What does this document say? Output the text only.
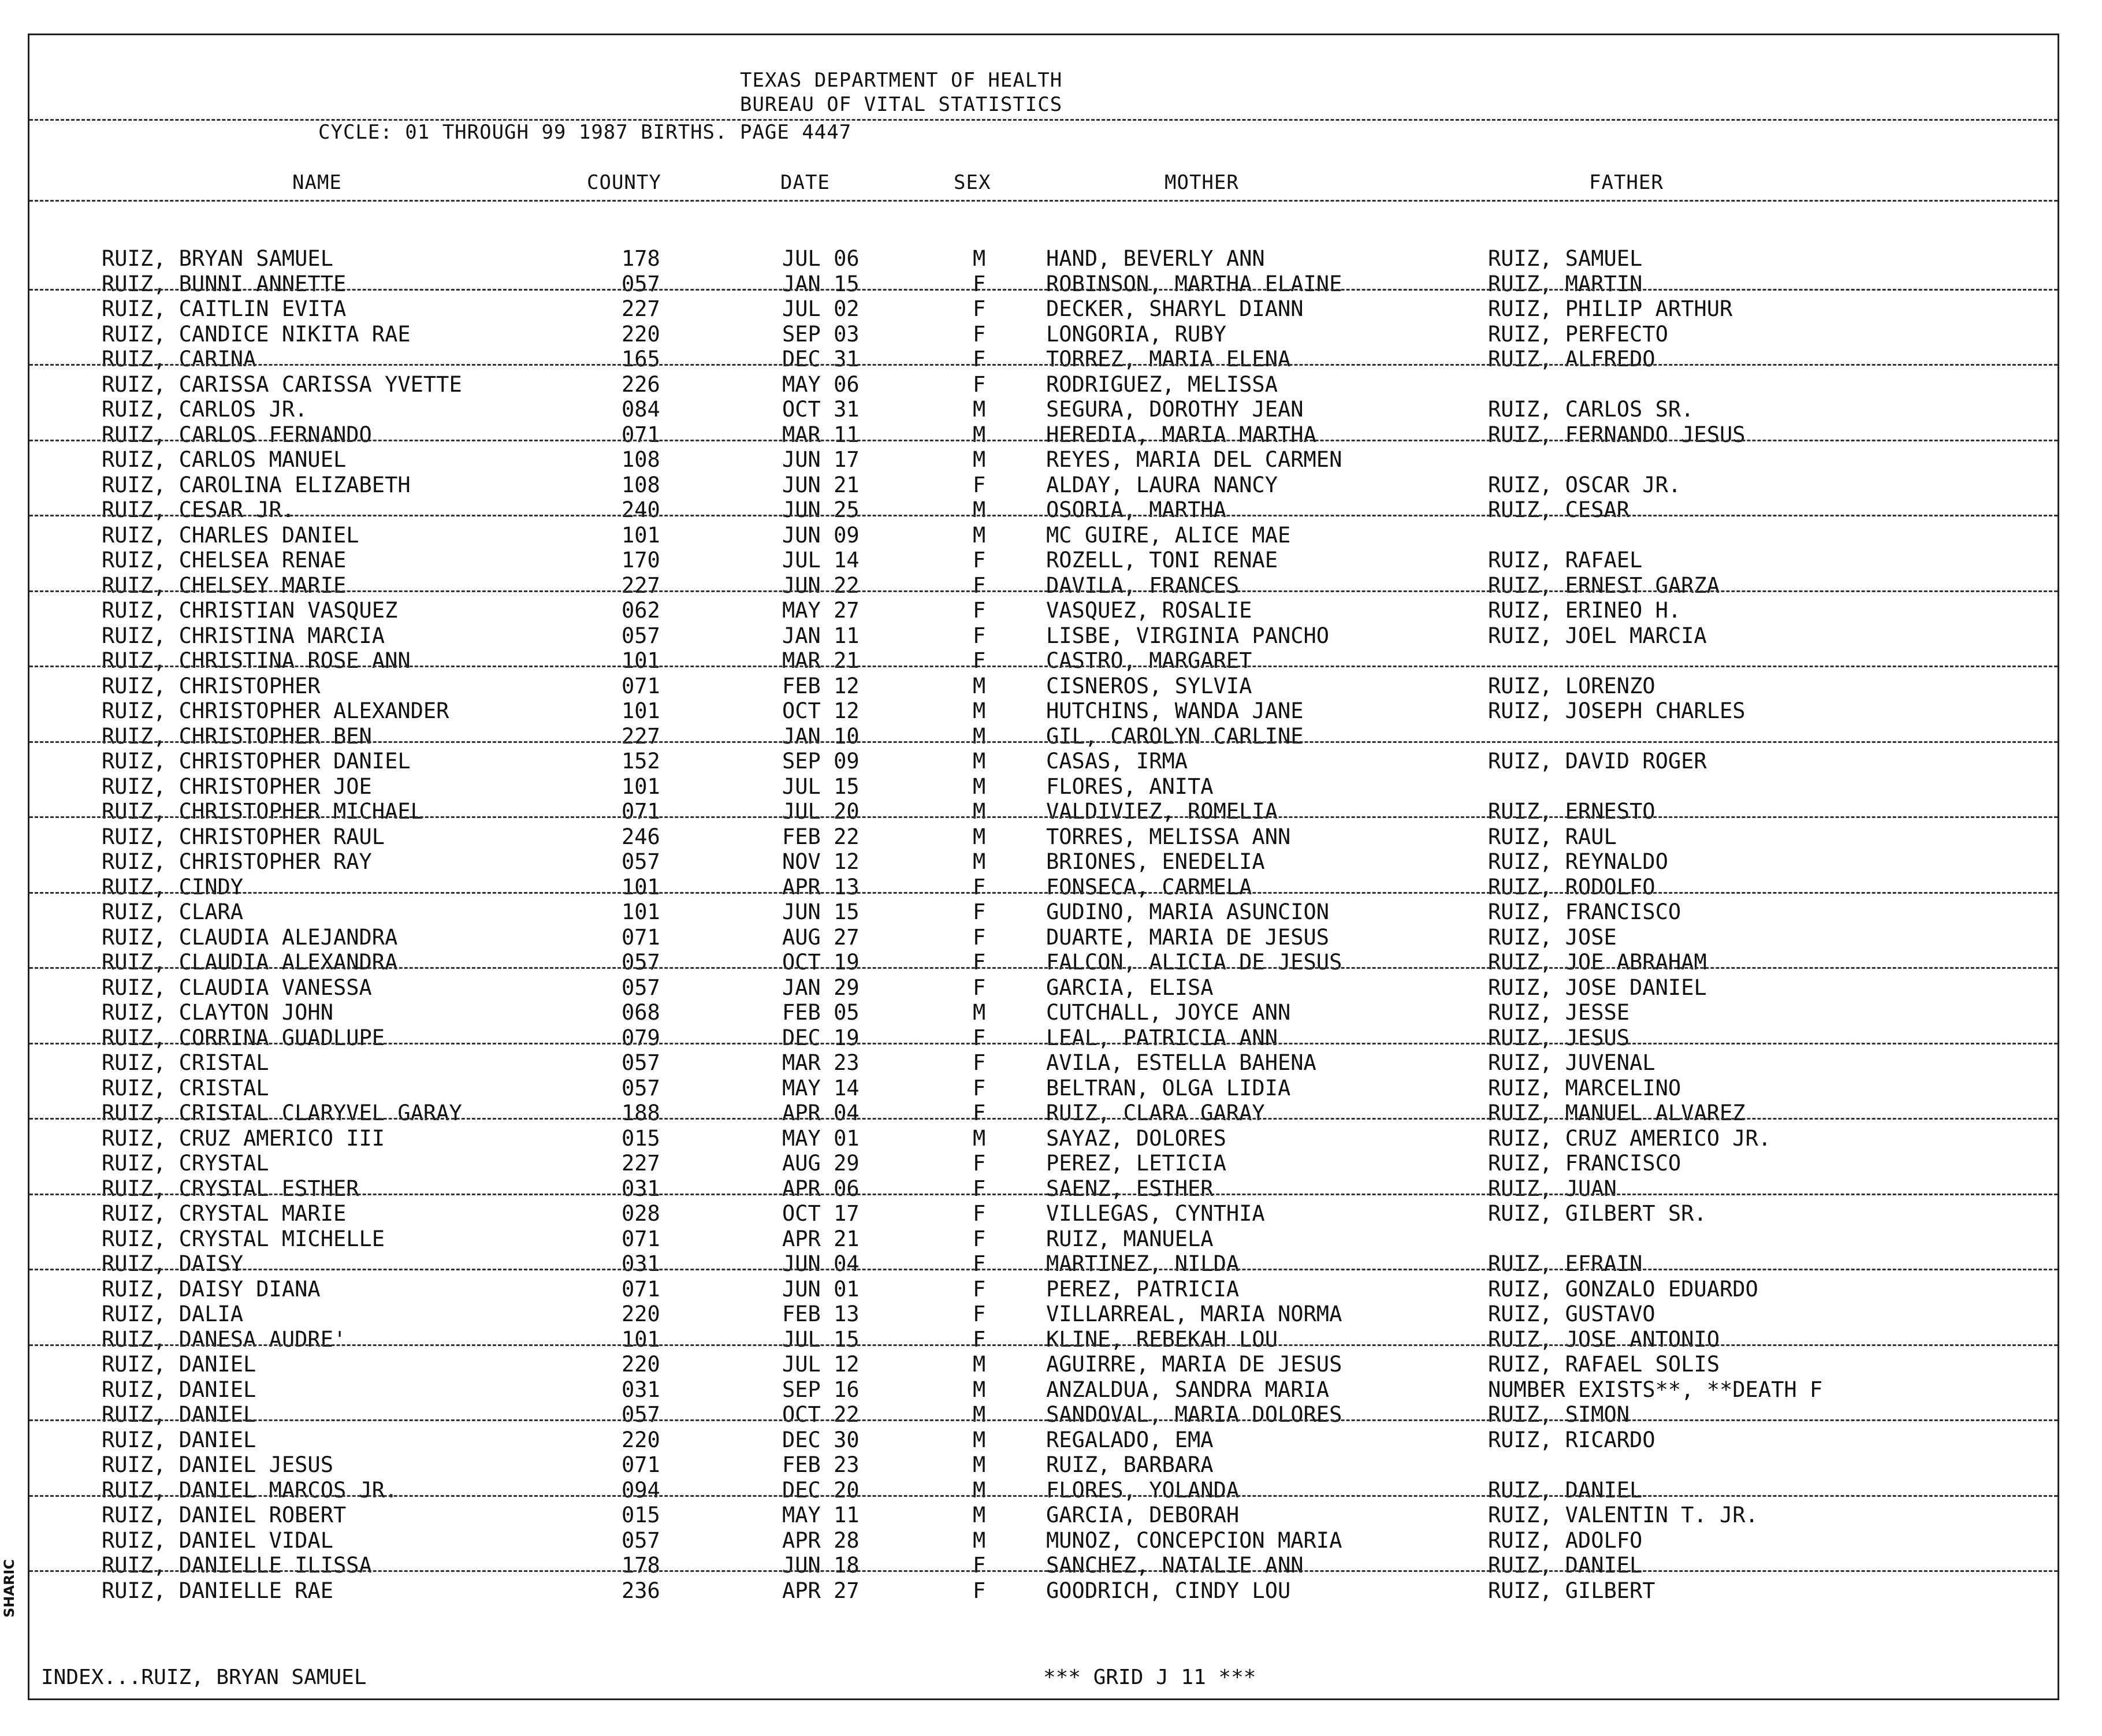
SHARIC
TEXAS DEPARTMENT OF HEALTH
BUREAU OF VITAL STATISTICS
CYCLE: 01 THROUGH 99 1987 BIRTHS. PAGE 4447
NAME	COUNTY	DATE	SEX	MOTHER	FATHER
RUIZ, BRYAN SAMUEL	178	JUL 06	M	HAND, BEVERLY ANN	RUIZ, SAMUEL
RUIZ, BUNNI ANNETTE	057	JAN 15	F	ROBINSON, MARTHA ELAINE	RUIZ, MARTIN
RUIZ, CAITLIN EVITA	227	JUL 02	F	DECKER, SHARYL DIANN	RUIZ, PHILIP ARTHUR
RUIZ, CANDICE NIKITA RAE	220	SEP 03	F	LONGORIA, RUBY	RUIZ, PERFECTO
RUIZ, CARINA	165	DEC 31	F	TORREZ, MARIA ELENA	RUIZ, ALFREDO
RUIZ, CARISSA CARISSA YVETTE	226	MAY 06	F	RODRIGUEZ, MELISSA
RUIZ, CARLOS JR.	084	OCT 31	M	SEGURA, DOROTHY JEAN	RUIZ, CARLOS SR.
RUIZ, CARLOS FERNANDO	071	MAR 11	M	HEREDIA, MARIA MARTHA	RUIZ, FERNANDO JESUS
RUIZ, CARLOS MANUEL	108	JUN 17	M	REYES, MARIA DEL CARMEN
RUIZ, CAROLINA ELIZABETH	108	JUN 21	F	ALDAY, LAURA NANCY	RUIZ, OSCAR JR.
RUIZ, CESAR JR.	240	JUN 25	M	OSORIA, MARTHA	RUIZ, CESAR
RUIZ, CHARLES DANIEL	101	JUN 09	M	MC GUIRE, ALICE MAE
RUIZ, CHELSEA RENAE	170	JUL 14	F	ROZELL, TONI RENAE	RUIZ, RAFAEL
RUIZ, CHELSEY MARIE	227	JUN 22	F	DAVILA, FRANCES	RUIZ, ERNEST GARZA
RUIZ, CHRISTIAN VASQUEZ	062	MAY 27	F	VASQUEZ, ROSALIE	RUIZ, ERINEO H.
RUIZ, CHRISTINA MARCIA	057	JAN 11	F	LISBE, VIRGINIA PANCHO	RUIZ, JOEL MARCIA
RUIZ, CHRISTINA ROSE ANN	101	MAR 21	F	CASTRO, MARGARET
RUIZ, CHRISTOPHER	071	FEB 12	M	CISNEROS, SYLVIA	RUIZ, LORENZO
RUIZ, CHRISTOPHER ALEXANDER	101	OCT 12	M	HUTCHINS, WANDA JANE	RUIZ, JOSEPH CHARLES
RUIZ, CHRISTOPHER BEN	227	JAN 10	M	GIL, CAROLYN CARLINE
RUIZ, CHRISTOPHER DANIEL	152	SEP 09	M	CASAS, IRMA	RUIZ, DAVID ROGER
RUIZ, CHRISTOPHER JOE	101	JUL 15	M	FLORES, ANITA
RUIZ, CHRISTOPHER MICHAEL	071	JUL 20	M	VALDIVIEZ, ROMELIA	RUIZ, ERNESTO
RUIZ, CHRISTOPHER RAUL	246	FEB 22	M	TORRES, MELISSA ANN	RUIZ, RAUL
RUIZ, CHRISTOPHER RAY	057	NOV 12	M	BRIONES, ENEDELIA	RUIZ, REYNALDO
RUIZ, CINDY	101	APR 13	F	FONSECA, CARMELA	RUIZ, RODOLFO
RUIZ, CLARA	101	JUN 15	F	GUDINO, MARIA ASUNCION	RUIZ, FRANCISCO
RUIZ, CLAUDIA ALEJANDRA	071	AUG 27	F	DUARTE, MARIA DE JESUS	RUIZ, JOSE
RUIZ, CLAUDIA ALEXANDRA	057	OCT 19	F	FALCON, ALICIA DE JESUS	RUIZ, JOE ABRAHAM
RUIZ, CLAUDIA VANESSA	057	JAN 29	F	GARCIA, ELISA	RUIZ, JOSE DANIEL
RUIZ, CLAYTON JOHN	068	FEB 05	M	CUTCHALL, JOYCE ANN	RUIZ, JESSE
RUIZ, CORRINA GUADLUPE	079	DEC 19	F	LEAL, PATRICIA ANN	RUIZ, JESUS
RUIZ, CRISTAL	057	MAR 23	F	AVILA, ESTELLA BAHENA	RUIZ, JUVENAL
RUIZ, CRISTAL	057	MAY 14	F	BELTRAN, OLGA LIDIA	RUIZ, MARCELINO
RUIZ, CRISTAL CLARYVEL GARAY	188	APR 04	F	RUIZ, CLARA GARAY	RUIZ, MANUEL ALVAREZ
RUIZ, CRUZ AMERICO III	015	MAY 01	M	SAYAZ, DOLORES	RUIZ, CRUZ AMERICO JR.
RUIZ, CRYSTAL	227	AUG 29	F	PEREZ, LETICIA	RUIZ, FRANCISCO
RUIZ, CRYSTAL ESTHER	031	APR 06	F	SAENZ, ESTHER	RUIZ, JUAN
RUIZ, CRYSTAL MARIE	028	OCT 17	F	VILLEGAS, CYNTHIA	RUIZ, GILBERT SR.
RUIZ, CRYSTAL MICHELLE	071	APR 21	F	RUIZ, MANUELA
RUIZ, DAISY	031	JUN 04	F	MARTINEZ, NILDA	RUIZ, EFRAIN
RUIZ, DAISY DIANA	071	JUN 01	F	PEREZ, PATRICIA	RUIZ, GONZALO EDUARDO
RUIZ, DALIA	220	FEB 13	F	VILLARREAL, MARIA NORMA	RUIZ, GUSTAVO
RUIZ, DANESA AUDRE'	101	JUL 15	F	KLINE, REBEKAH LOU	RUIZ, JOSE ANTONIO
RUIZ, DANIEL	220	JUL 12	M	AGUIRRE, MARIA DE JESUS	RUIZ, RAFAEL SOLIS
RUIZ, DANIEL	031	SEP 16	M	ANZALDUA, SANDRA MARIA	NUMBER EXISTS**, **DEATH F
RUIZ, DANIEL	057	OCT 22	M	SANDOVAL, MARIA DOLORES	RUIZ, SIMON
RUIZ, DANIEL	220	DEC 30	M	REGALADO, EMA	RUIZ, RICARDO
RUIZ, DANIEL JESUS	071	FEB 23	M	RUIZ, BARBARA
RUIZ, DANIEL MARCOS JR.	094	DEC 20	M	FLORES, YOLANDA	RUIZ, DANIEL
RUIZ, DANIEL ROBERT	015	MAY 11	M	GARCIA, DEBORAH	RUIZ, VALENTIN T. JR.
RUIZ, DANIEL VIDAL	057	APR 28	M	MUNOZ, CONCEPCION MARIA	RUIZ, ADOLFO
RUIZ, DANIELLE ILISSA	178	JUN 18	F	SANCHEZ, NATALIE ANN	RUIZ, DANIEL
RUIZ, DANIELLE RAE	236	APR 27	F	GOODRICH, CINDY LOU	RUIZ, GILBERT
INDEX...RUIZ, BRYAN SAMUEL	*** GRID J 11 ***
